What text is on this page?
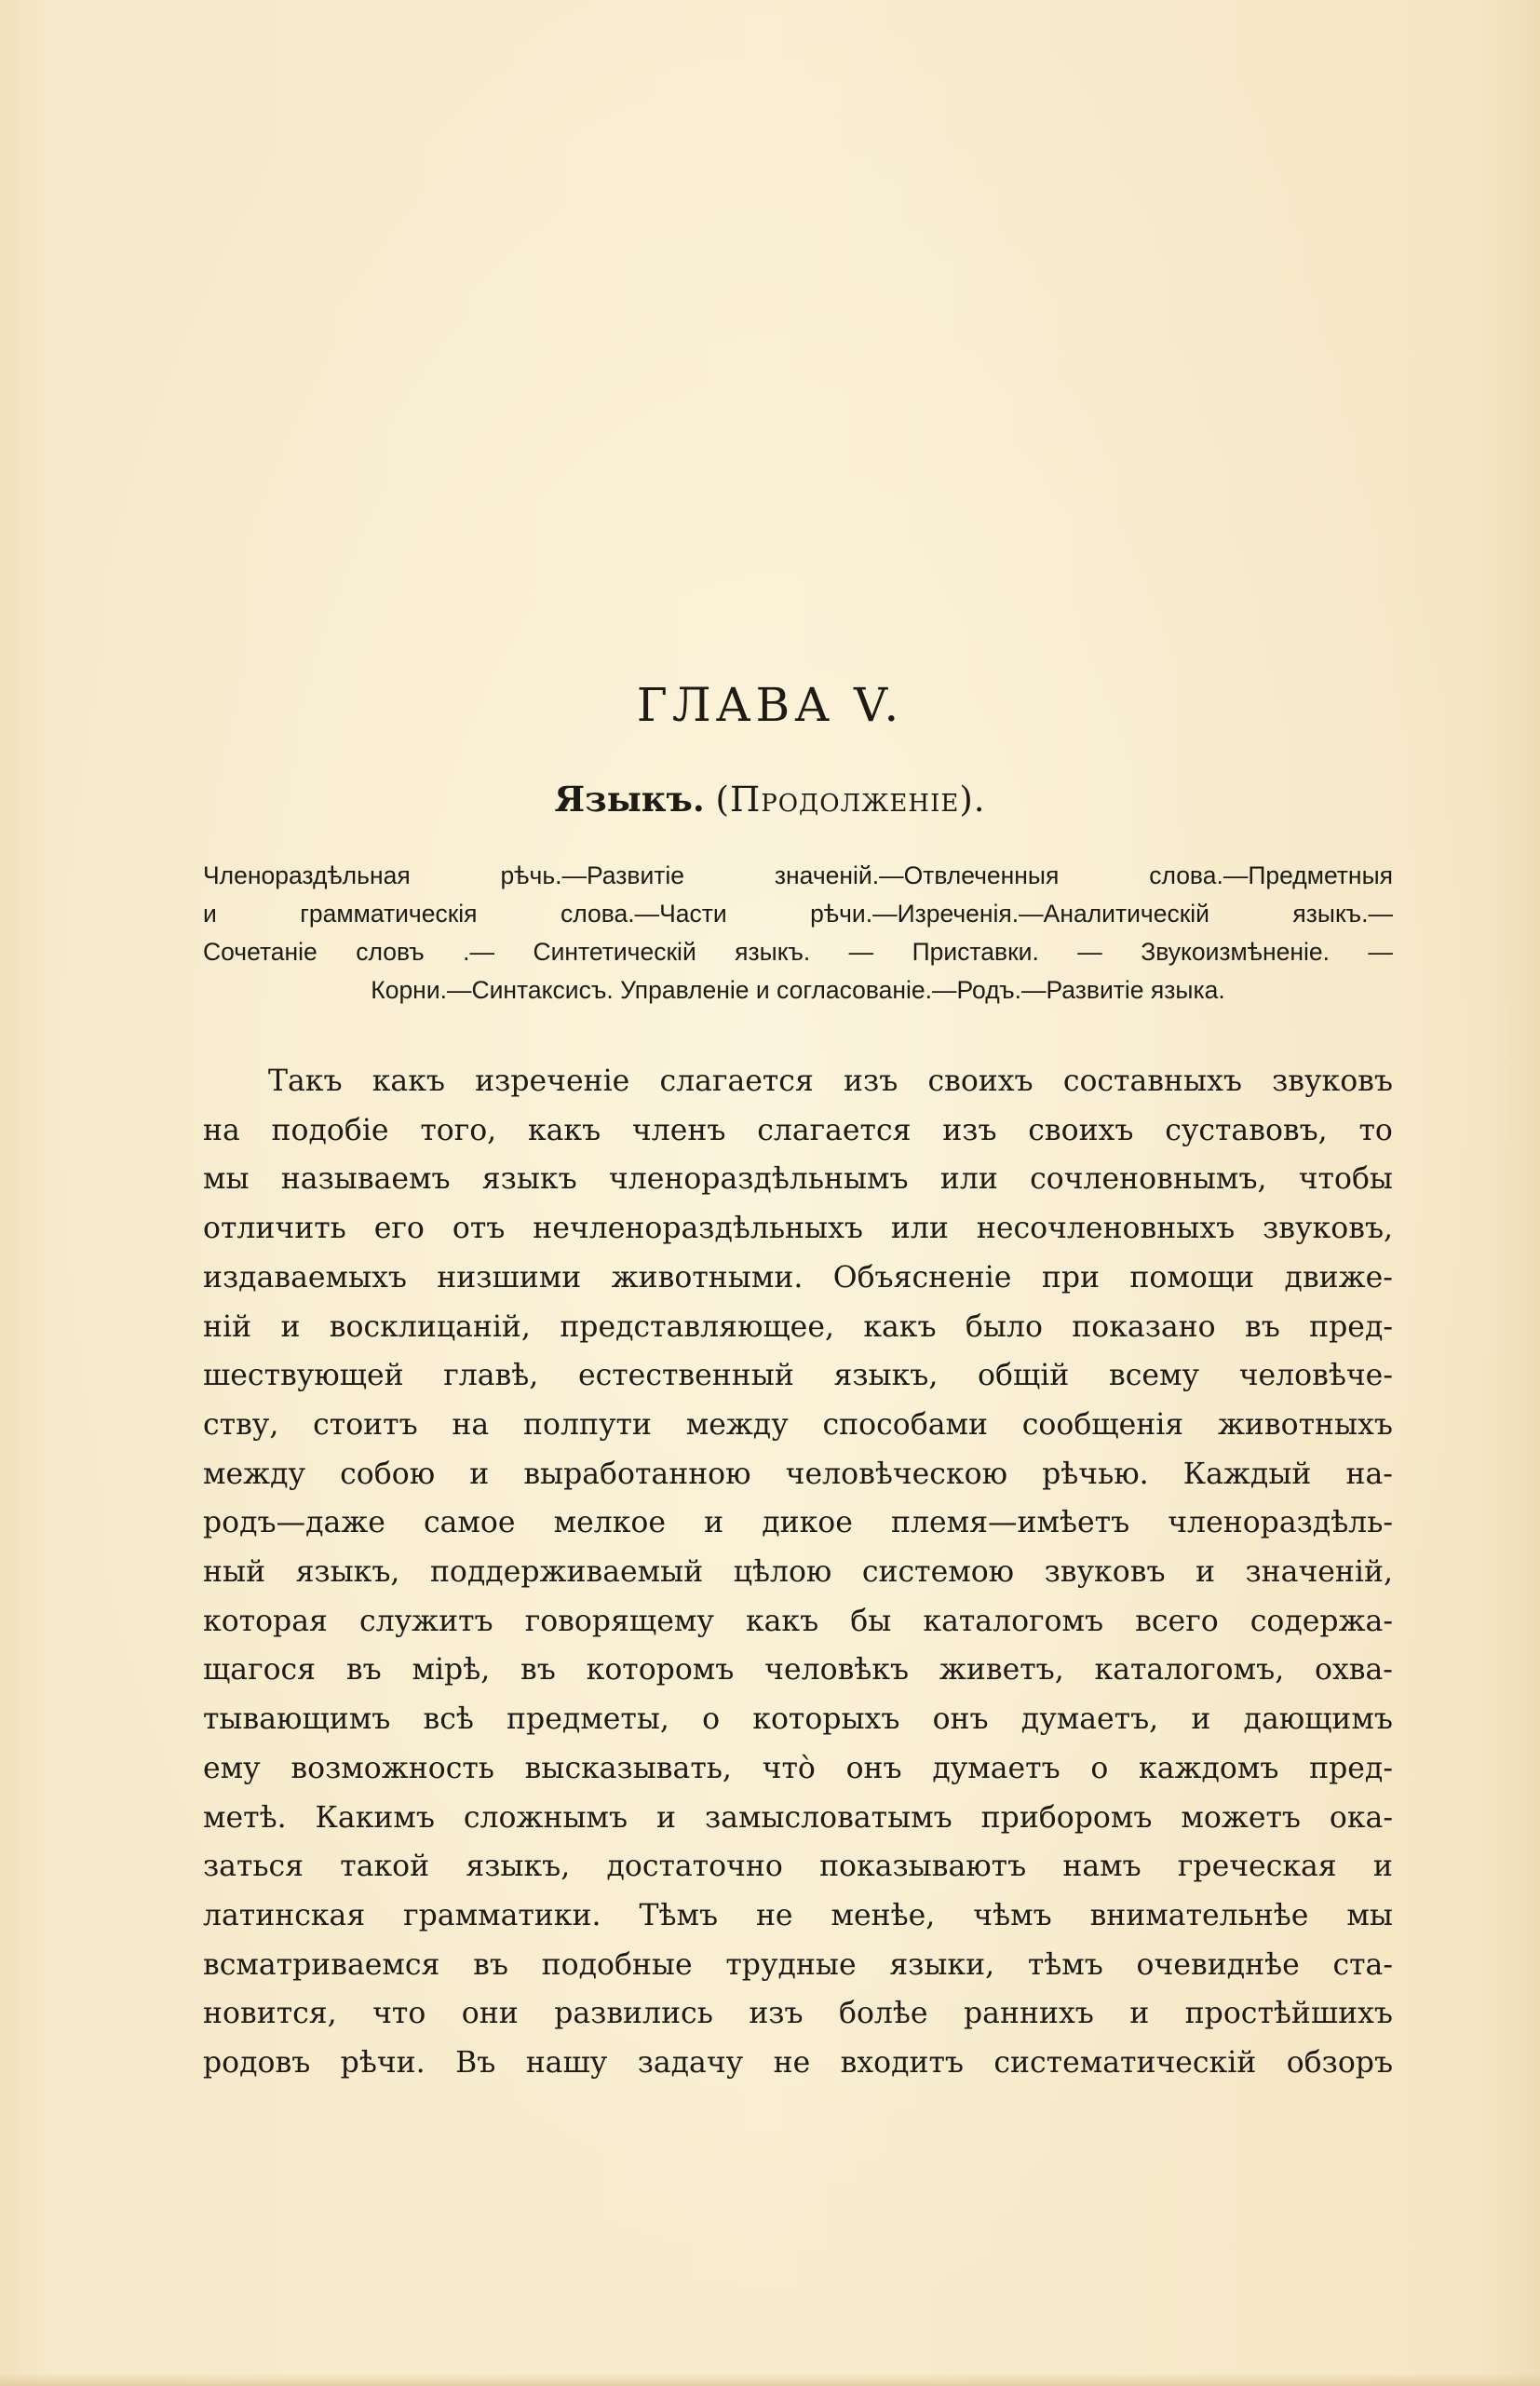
ГЛАВА V.

Языкъ. (Продолженiе).

Членораздѣльная	рѣчь.—Развитiе	значенiй.—Отвлеченныя	слова.—Предметныя
и	грамматическiя	слова.—Части	рѣчи.—Изреченiя.—Аналитическiй	языкъ.—
Сочетанiе словъ .— Синтетическiй языкъ. — Приставки. — Звукоизмѣненiе. —
Корни.—Синтаксисъ. Управленiе и согласованiе.—Родъ.—Развитiе языка.
Такъ какъ изреченiе слагается изъ своихъ составныхъ звуковъ
на подобiе того, какъ членъ слагается изъ своихъ суставовъ, то
мы называемъ языкъ членораздѣльнымъ или сочленовнымъ, чтобы
отличить его отъ нечленораздѣльныхъ или несочленовныхъ звуковъ,
издаваемыхъ низшими животными. Объясненiе при помощи движе-
нiй и восклицанiй, представляющее, какъ было показано въ пред-
шествующей главѣ, естественный языкъ, общiй всему человѣче-
ству, стоитъ на полпути между способами сообщенiя животныхъ
между собою и выработанною человѣческою рѣчью. Каждый на-
родъ—даже самое мелкое и дикое племя—имѣетъ членораздѣль-
ный языкъ, поддерживаемый цѣлою системою звуковъ и значенiй,
которая служитъ говорящему какъ бы каталогомъ всего содержа-
щагося въ мiрѣ, въ которомъ человѣкъ живетъ, каталогомъ, охва-
тывающимъ всѣ предметы, о которыхъ онъ думаетъ, и дающимъ
ему возможность высказывать, что̀ онъ думаетъ о каждомъ пред-
метѣ. Какимъ сложнымъ и замысловатымъ приборомъ можетъ ока-
заться такой языкъ, достаточно показываютъ намъ греческая и
латинская грамматики. Тѣмъ не менѣе, чѣмъ внимательнѣе мы
всматриваемся въ подобные трудные языки, тѣмъ очевиднѣе ста-
новится, что они развились изъ болѣе раннихъ и простѣйшихъ
родовъ рѣчи. Въ нашу задачу не входитъ систематическiй обзоръ
